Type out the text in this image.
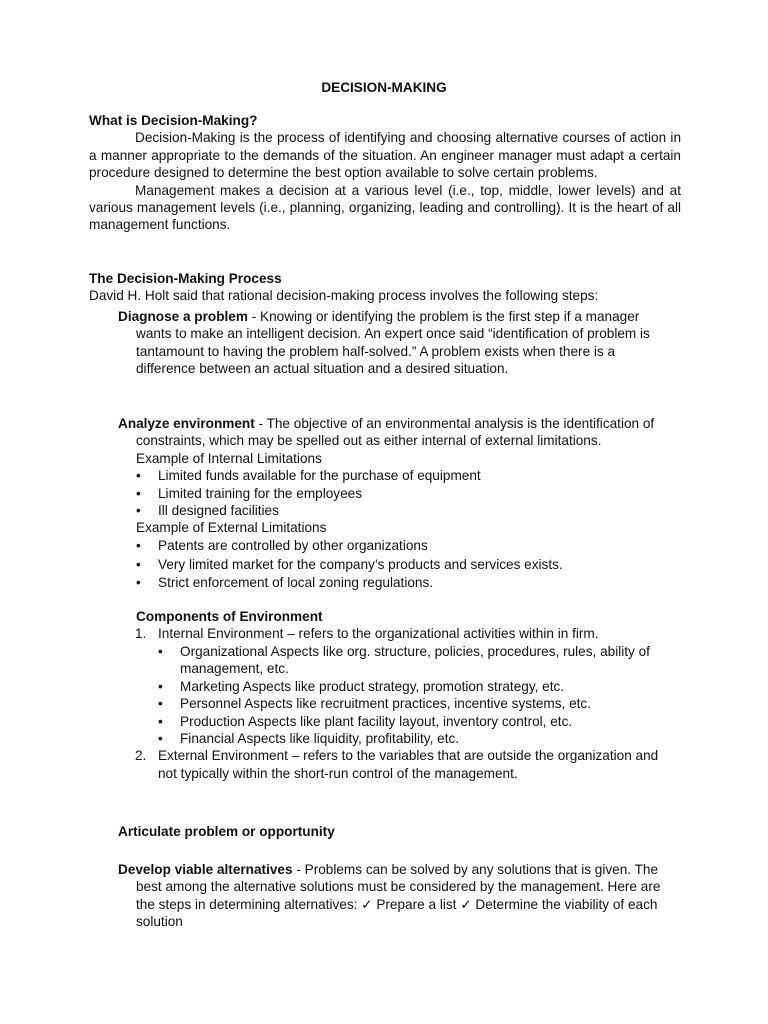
DECISION-MAKING
What is Decision-Making?

Decision-Making is the process of identifying and choosing alternative courses of action in a manner appropriate to the demands of the situation. An engineer manager must adapt a certain procedure designed to determine the best option available to solve certain problems.

Management makes a decision at a various level (i.e., top, middle, lower levels) and at various management levels (i.e., planning, organizing, leading and controlling). It is the heart of all management functions.

The Decision-Making Process

David H. Holt said that rational decision-making process involves the following steps:

Diagnose a problem - Knowing or identifying the problem is the first step if a manager wants to make an intelligent decision. An expert once said “identification of problem is tantamount to having the problem half-solved.” A problem exists when there is a difference between an actual situation and a desired situation.
Analyze environment - The objective of an environmental analysis is the identification of constraints, which may be spelled out as either internal of external limitations.
Example of Internal Limitations
• Limited funds available for the purchase of equipment
• Limited training for the employees
• Ill designed facilities
Example of External Limitations
• Patents are controlled by other organizations
• Very limited market for the company’s products and services exists.
• Strict enforcement of local zoning regulations.
Components of Environment
1. Internal Environment – refers to the organizational activities within in firm.
• Organizational Aspects like org. structure, policies, procedures, rules, ability of management, etc.
• Marketing Aspects like product strategy, promotion strategy, etc.
• Personnel Aspects like recruitment practices, incentive systems, etc.
• Production Aspects like plant facility layout, inventory control, etc.
• Financial Aspects like liquidity, profitability, etc.
2. External Environment – refers to the variables that are outside the organization and not typically within the short-run control of the management.
Articulate problem or opportunity
Develop viable alternatives - Problems can be solved by any solutions that is given. The best among the alternative solutions must be considered by the management. Here are the steps in determining alternatives: ✓ Prepare a list ✓ Determine the viability of each solution
